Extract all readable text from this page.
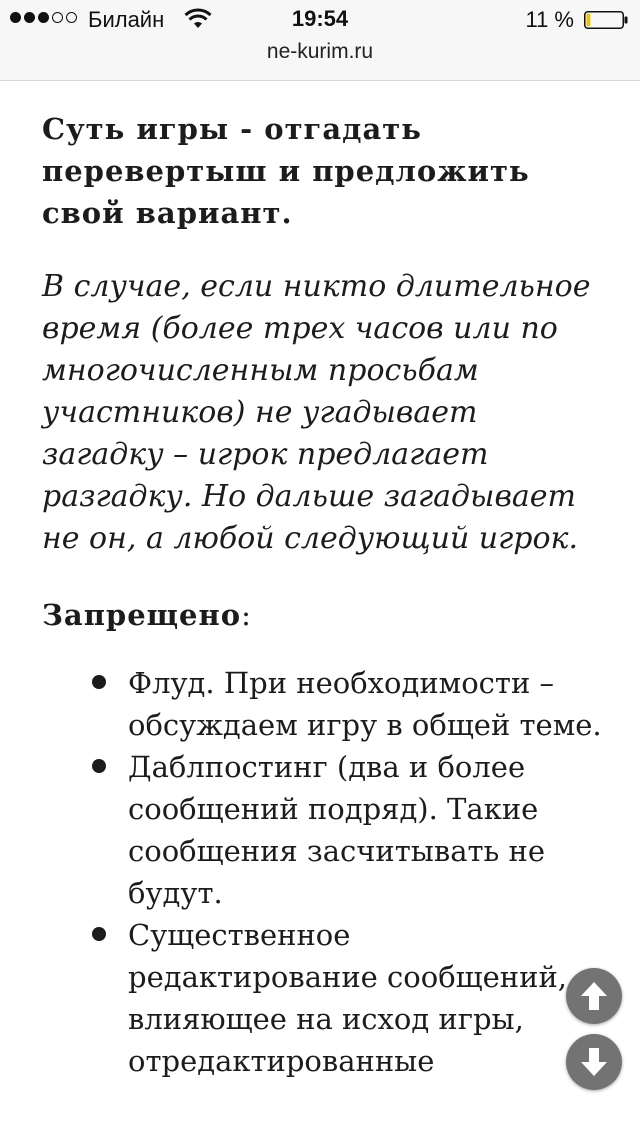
Билайн	19:54	11 %
ne-kurim.ru

Суть игры - отгадать перевертыш и предложить свой вариант.

В случае, если никто длительное время (более трех часов или по многочисленным просьбам участников) не угадывает загадку – игрок предлагает разгадку. Но дальше загадывает не он, а любой следующий игрок.

Запрещено:

Флуд. При необходимости – обсуждаем игру в общей теме.
Даблпостинг (два и более сообщений подряд). Такие сообщения засчитывать не будут.
Существенное редактирование сообщений, влияющее на исход игры, отредактированные
